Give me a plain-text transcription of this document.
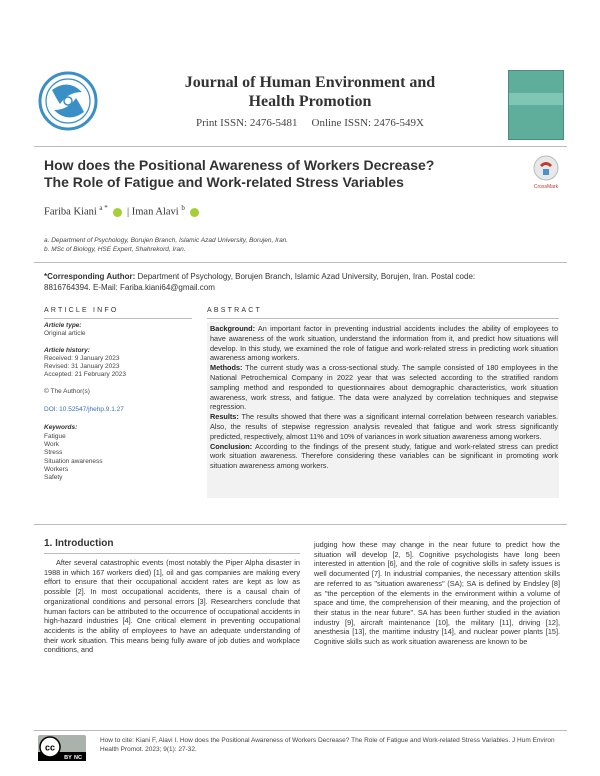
Journal of Human Environment and
Health Promotion
Print ISSN: 2476-5481 Online ISSN: 2476-549X
How does the Positional Awareness of Workers Decrease?
The Role of Fatigue and Work-related Stress Variables	CrossMark
Fariba Kiani $^{a *}$ | Iman Alavi $^b$
a. Department of Psychology, Borujen Branch, Islamic Azad University, Borujen, Iran.
b. MSc of Biology, HSE Expert, Shahrekord, Iran.
*Corresponding Author: Department of Psychology, Borujen Branch, Islamic Azad University, Borujen, Iran. Postal code:
8816764394. E-Mail: Fariba.kiani64@gmail.com
ARTICLE INFO
Article type:
Original article
Article history:
Received: 9 January 2023
Revised: 31 January 2023
Accepted: 21 February 2023
© The Author(s)
DOI: 10.52547/jhehp.9.1.27
Keywords:
Fatigue
Work
Stress
Situation awareness
Workers
Safety
ABSTRACT
Background: An important factor in preventing industrial accidents includes the ability of employees to have awareness of the work situation, understand the information from it, and predict how situations will develop. In this study, we examined the role of fatigue and work-related stress in predicting work situation awareness among workers.
Methods: The current study was a cross-sectional study. The sample consisted of 180 employees in the National Petrochemical Company in 2022 year that was selected according to the stratified random sampling method and responded to questionnaires about demographic characteristics, work situation awareness, work stress, and fatigue. The data were analyzed by correlation techniques and stepwise regression.
Results: The results showed that there was a significant internal correlation between research variables. Also, the results of stepwise regression analysis revealed that fatigue and work stress significantly predicted, respectively, almost 11% and 10% of variances in work situation awareness among workers.
Conclusion: According to the findings of the present study, fatigue and work-related stress can predict work situation awareness. Therefore considering these variables can be significant in promoting work situation awareness among workers.
1. Introduction
After several catastrophic events (most notably the Piper Alpha disaster in 1988 in which 167 workers died) [1], oil and gas companies are making every effort to ensure that their occupational accident rates are kept as low as possible [2]. In most occupational accidents, there is a causal chain of organizational conditions and personal errors [3]. Researchers conclude that human factors can be attributed to the occurrence of occupational accidents in high-hazard industries [4]. One critical element in preventing occupational accidents is the ability of employees to have an adequate understanding of their work situation. This means being fully aware of job duties and workplace conditions, and
judging how these may change in the near future to predict how the situation will develop [2, 5]. Cognitive psychologists have long been interested in attention [6], and the role of cognitive skills in safety issues is well documented [7]. In industrial companies, the necessary attention skills are referred to as "situation awareness" (SA); SA is defined by Endsley [8] as "the perception of the elements in the environment within a volume of space and time, the comprehension of their meaning, and the projection of their status in the near future". SA has been further studied in the aviation industry [9], aircraft maintenance [10], the military [11], driving [12], anesthesia [13], the maritime industry [14], and nuclear power plants [15]. Cognitive skills such as work situation awareness are known to be
cc
BY NC
How to cite: Kiani F, Alavi I. How does the Positional Awareness of Workers Decrease? The Role of Fatigue and Work-related Stress Variables. J Hum Environ Health Promot. 2023; 9(1): 27-32.
